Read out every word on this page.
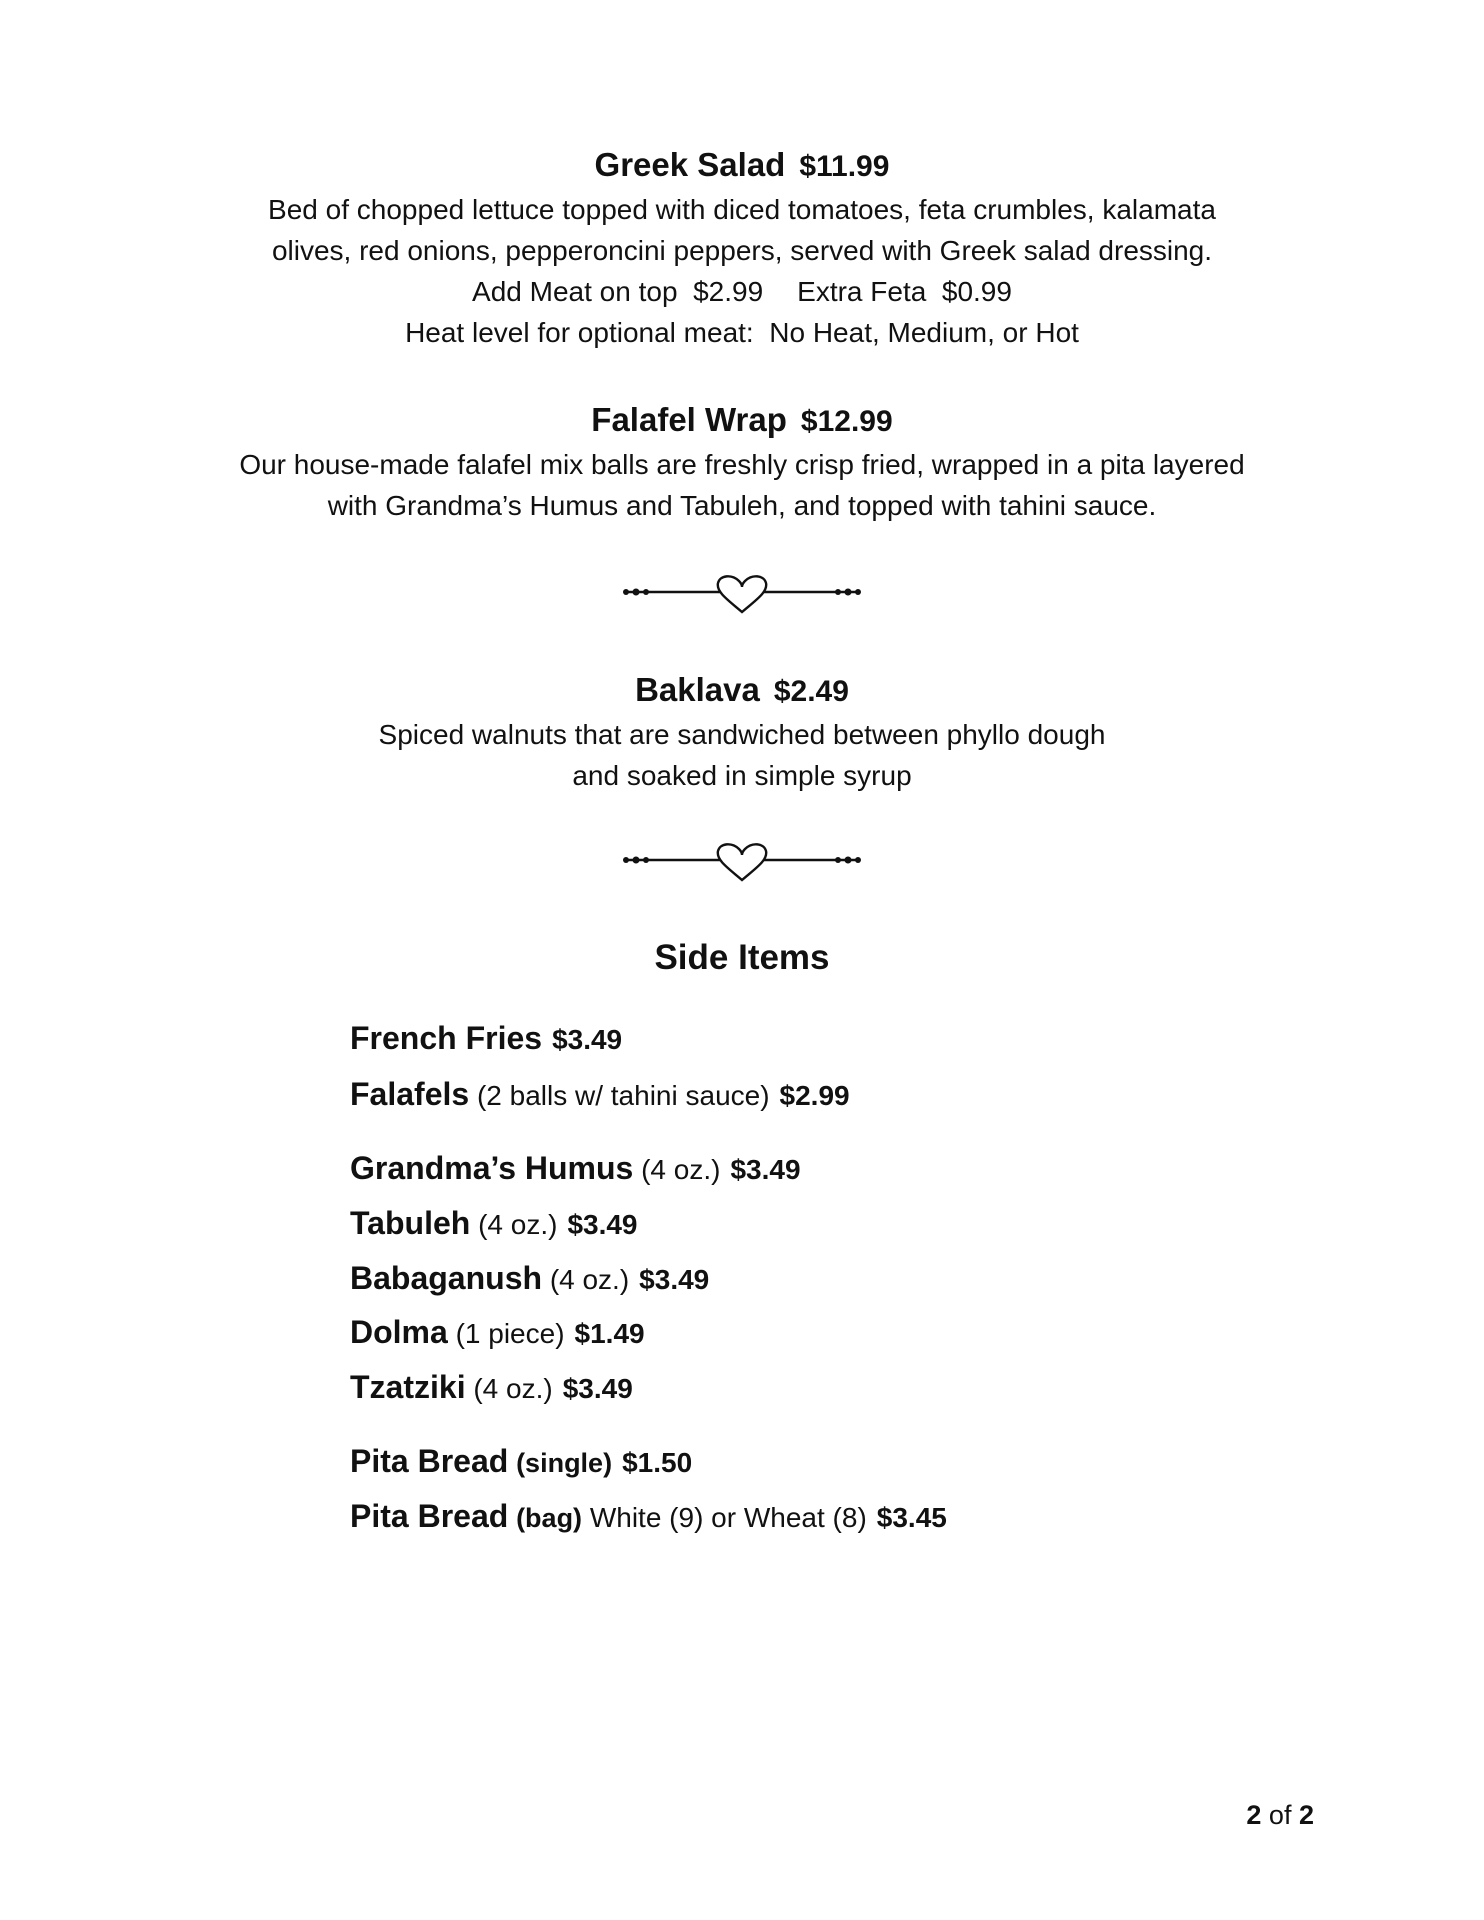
Greek Salad $11.99
Bed of chopped lettuce topped with diced tomatoes, feta crumbles, kalamata
olives, red onions, pepperoncini peppers, served with Greek salad dressing.
Add Meat on top  $2.99 Extra Feta  $0.99
Heat level for optional meat:  No Heat, Medium, or Hot
Falafel Wrap $12.99
Our house-made falafel mix balls are freshly crisp fried, wrapped in a pita layered
with Grandma’s Humus and Tabuleh, and topped with tahini sauce.
Baklava $2.49
Spiced walnuts that are sandwiched between phyllo dough
and soaked in simple syrup
Side Items
French Fries $3.49
Falafels (2 balls w/ tahini sauce) $2.99
Grandma’s Humus (4 oz.) $3.49
Tabuleh (4 oz.) $3.49
Babaganush (4 oz.) $3.49
Dolma (1 piece) $1.49
Tzatziki (4 oz.) $3.49
Pita Bread (single) $1.50
Pita Bread (bag) White (9) or Wheat (8) $3.45
2 of 2
